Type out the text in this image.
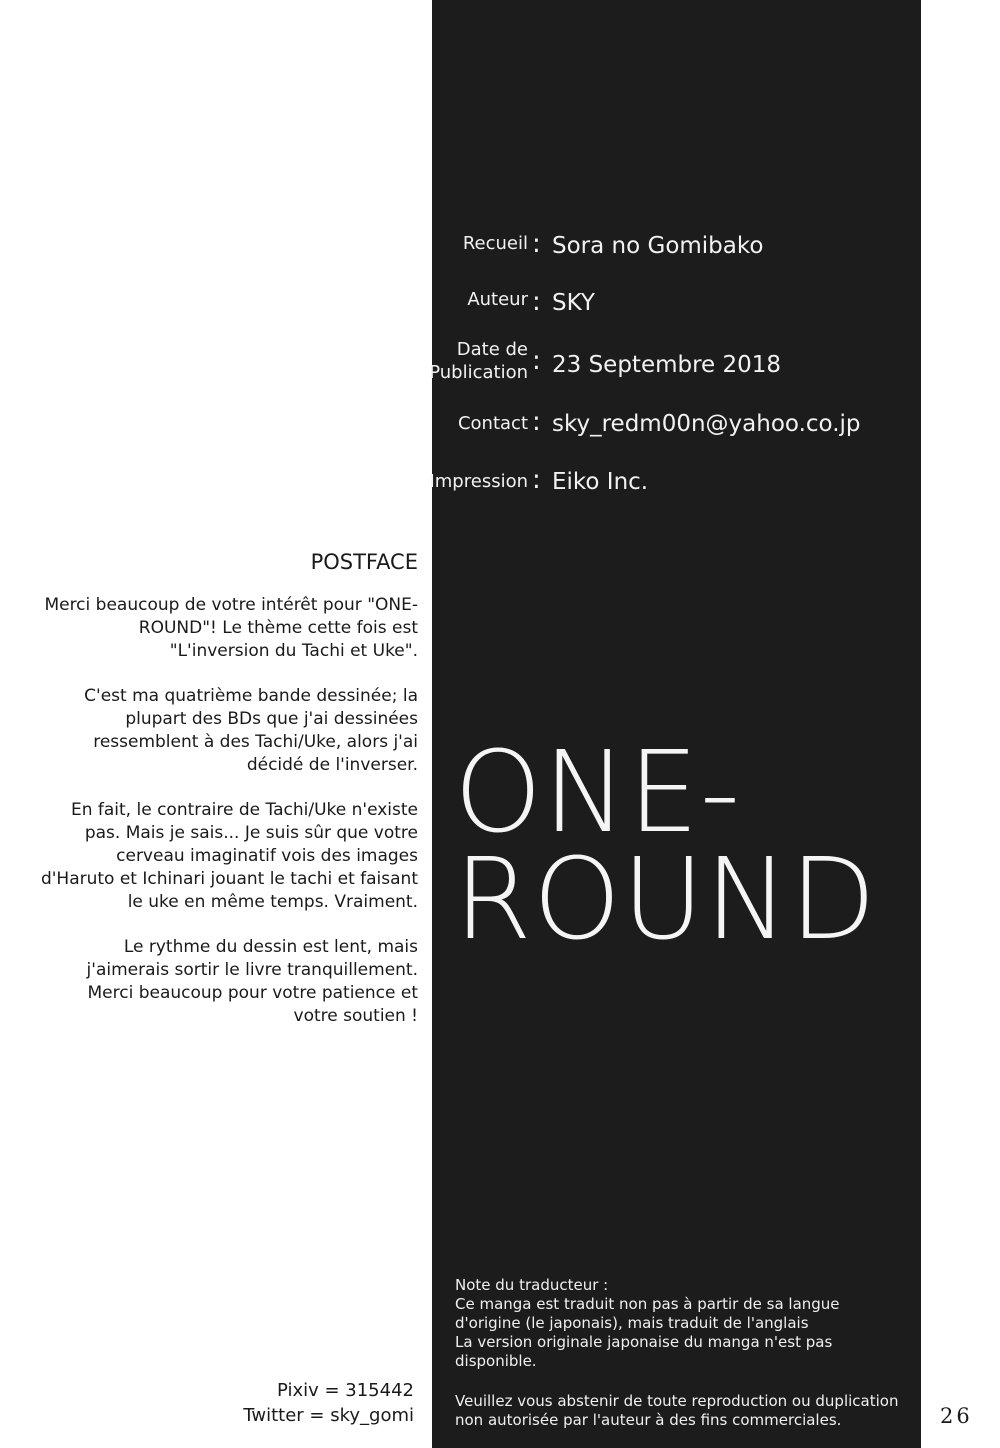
Recueil : Sora no Gomibako
Auteur : SKY
Date de
Publication : 23 Septembre 2018
Contact : sky_redm00n@yahoo.co.jp
Impression : Eiko Inc.
ONE-
ROUND

Note du traducteur :

Ce manga est traduit non pas à partir de sa langue d'origine (le japonais), mais traduit de l'anglais

La version originale japonaise du manga n'est pas disponible.

Veuillez vous abstenir de toute reproduction ou duplication non autorisée par l'auteur à des fins commerciales.

POSTFACE

Merci beaucoup de votre intérêt pour "ONE-ROUND"! Le thème cette fois est "L'inversion du Tachi et Uke".

C'est ma quatrième bande dessinée; la plupart des BDs que j'ai dessinées ressemblent à des Tachi/Uke, alors j'ai décidé de l'inverser.

En fait, le contraire de Tachi/Uke n'existe pas. Mais je sais... Je suis sûr que votre cerveau imaginatif vois des images d'Haruto et Ichinari jouant le tachi et faisant le uke en même temps. Vraiment.

Le rythme du dessin est lent, mais j'aimerais sortir le livre tranquillement. Merci beaucoup pour votre patience et votre soutien !

Pixiv = 315442
Twitter = sky_gomi	26
